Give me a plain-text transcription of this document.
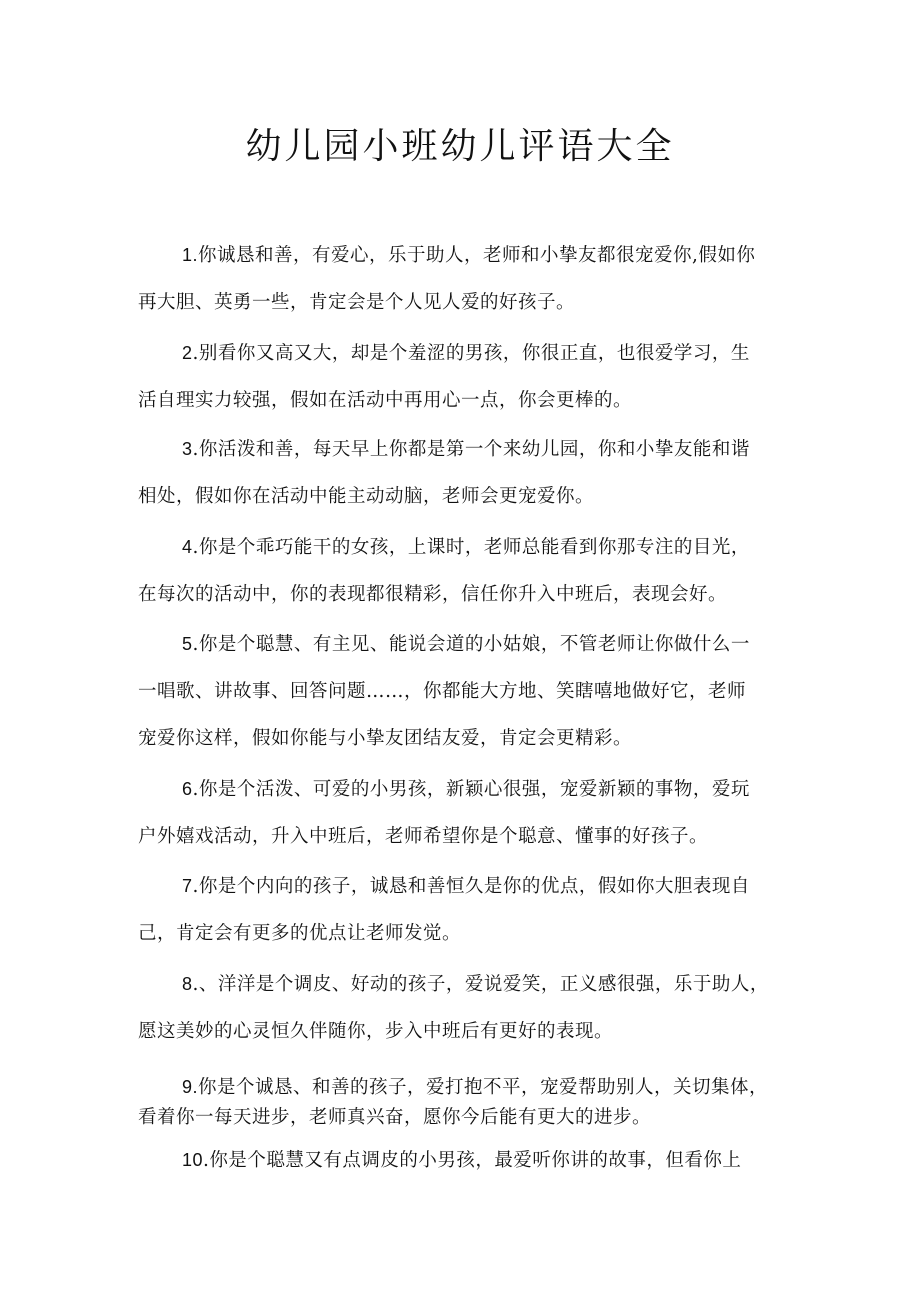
幼儿园小班幼儿评语大全

1.你诚恳和善，有爱心，乐于助人，老师和小挚友都很宠爱你,假如你
再大胆、英勇一些，肯定会是个人见人爱的好孩子。

2.别看你又高又大，却是个羞涩的男孩，你很正直，也很爱学习，生
活自理实力较强，假如在活动中再用心一点，你会更棒的。

3.你活泼和善，每天早上你都是第一个来幼儿园，你和小挚友能和谐
相处，假如你在活动中能主动动脑，老师会更宠爱你。

4.你是个乖巧能干的女孩，上课时，老师总能看到你那专注的目光，
在每次的活动中，你的表现都很精彩，信任你升入中班后，表现会好。

5.你是个聪慧、有主见、能说会道的小姑娘，不管老师让你做什么一
一唱歌、讲故事、回答问题……，你都能大方地、笑瞎嘻地做好它，老师
宠爱你这样，假如你能与小挚友团结友爱，肯定会更精彩。

6.你是个活泼、可爱的小男孩，新颖心很强，宠爱新颖的事物，爱玩
户外嬉戏活动，升入中班后，老师希望你是个聪意、懂事的好孩子。

7.你是个内向的孩子，诚恳和善恒久是你的优点，假如你大胆表现自
己，肯定会有更多的优点让老师发觉。

8.、洋洋是个调皮、好动的孩子，爱说爱笑，正义感很强，乐于助人，
愿这美妙的心灵恒久伴随你，步入中班后有更好的表现。

9.你是个诚恳、和善的孩子，爱打抱不平，宠爱帮助别人，关切集体，
看着你一每天进步，老师真兴奋，愿你今后能有更大的进步。

10.你是个聪慧又有点调皮的小男孩，最爱听你讲的故事，但看你上
